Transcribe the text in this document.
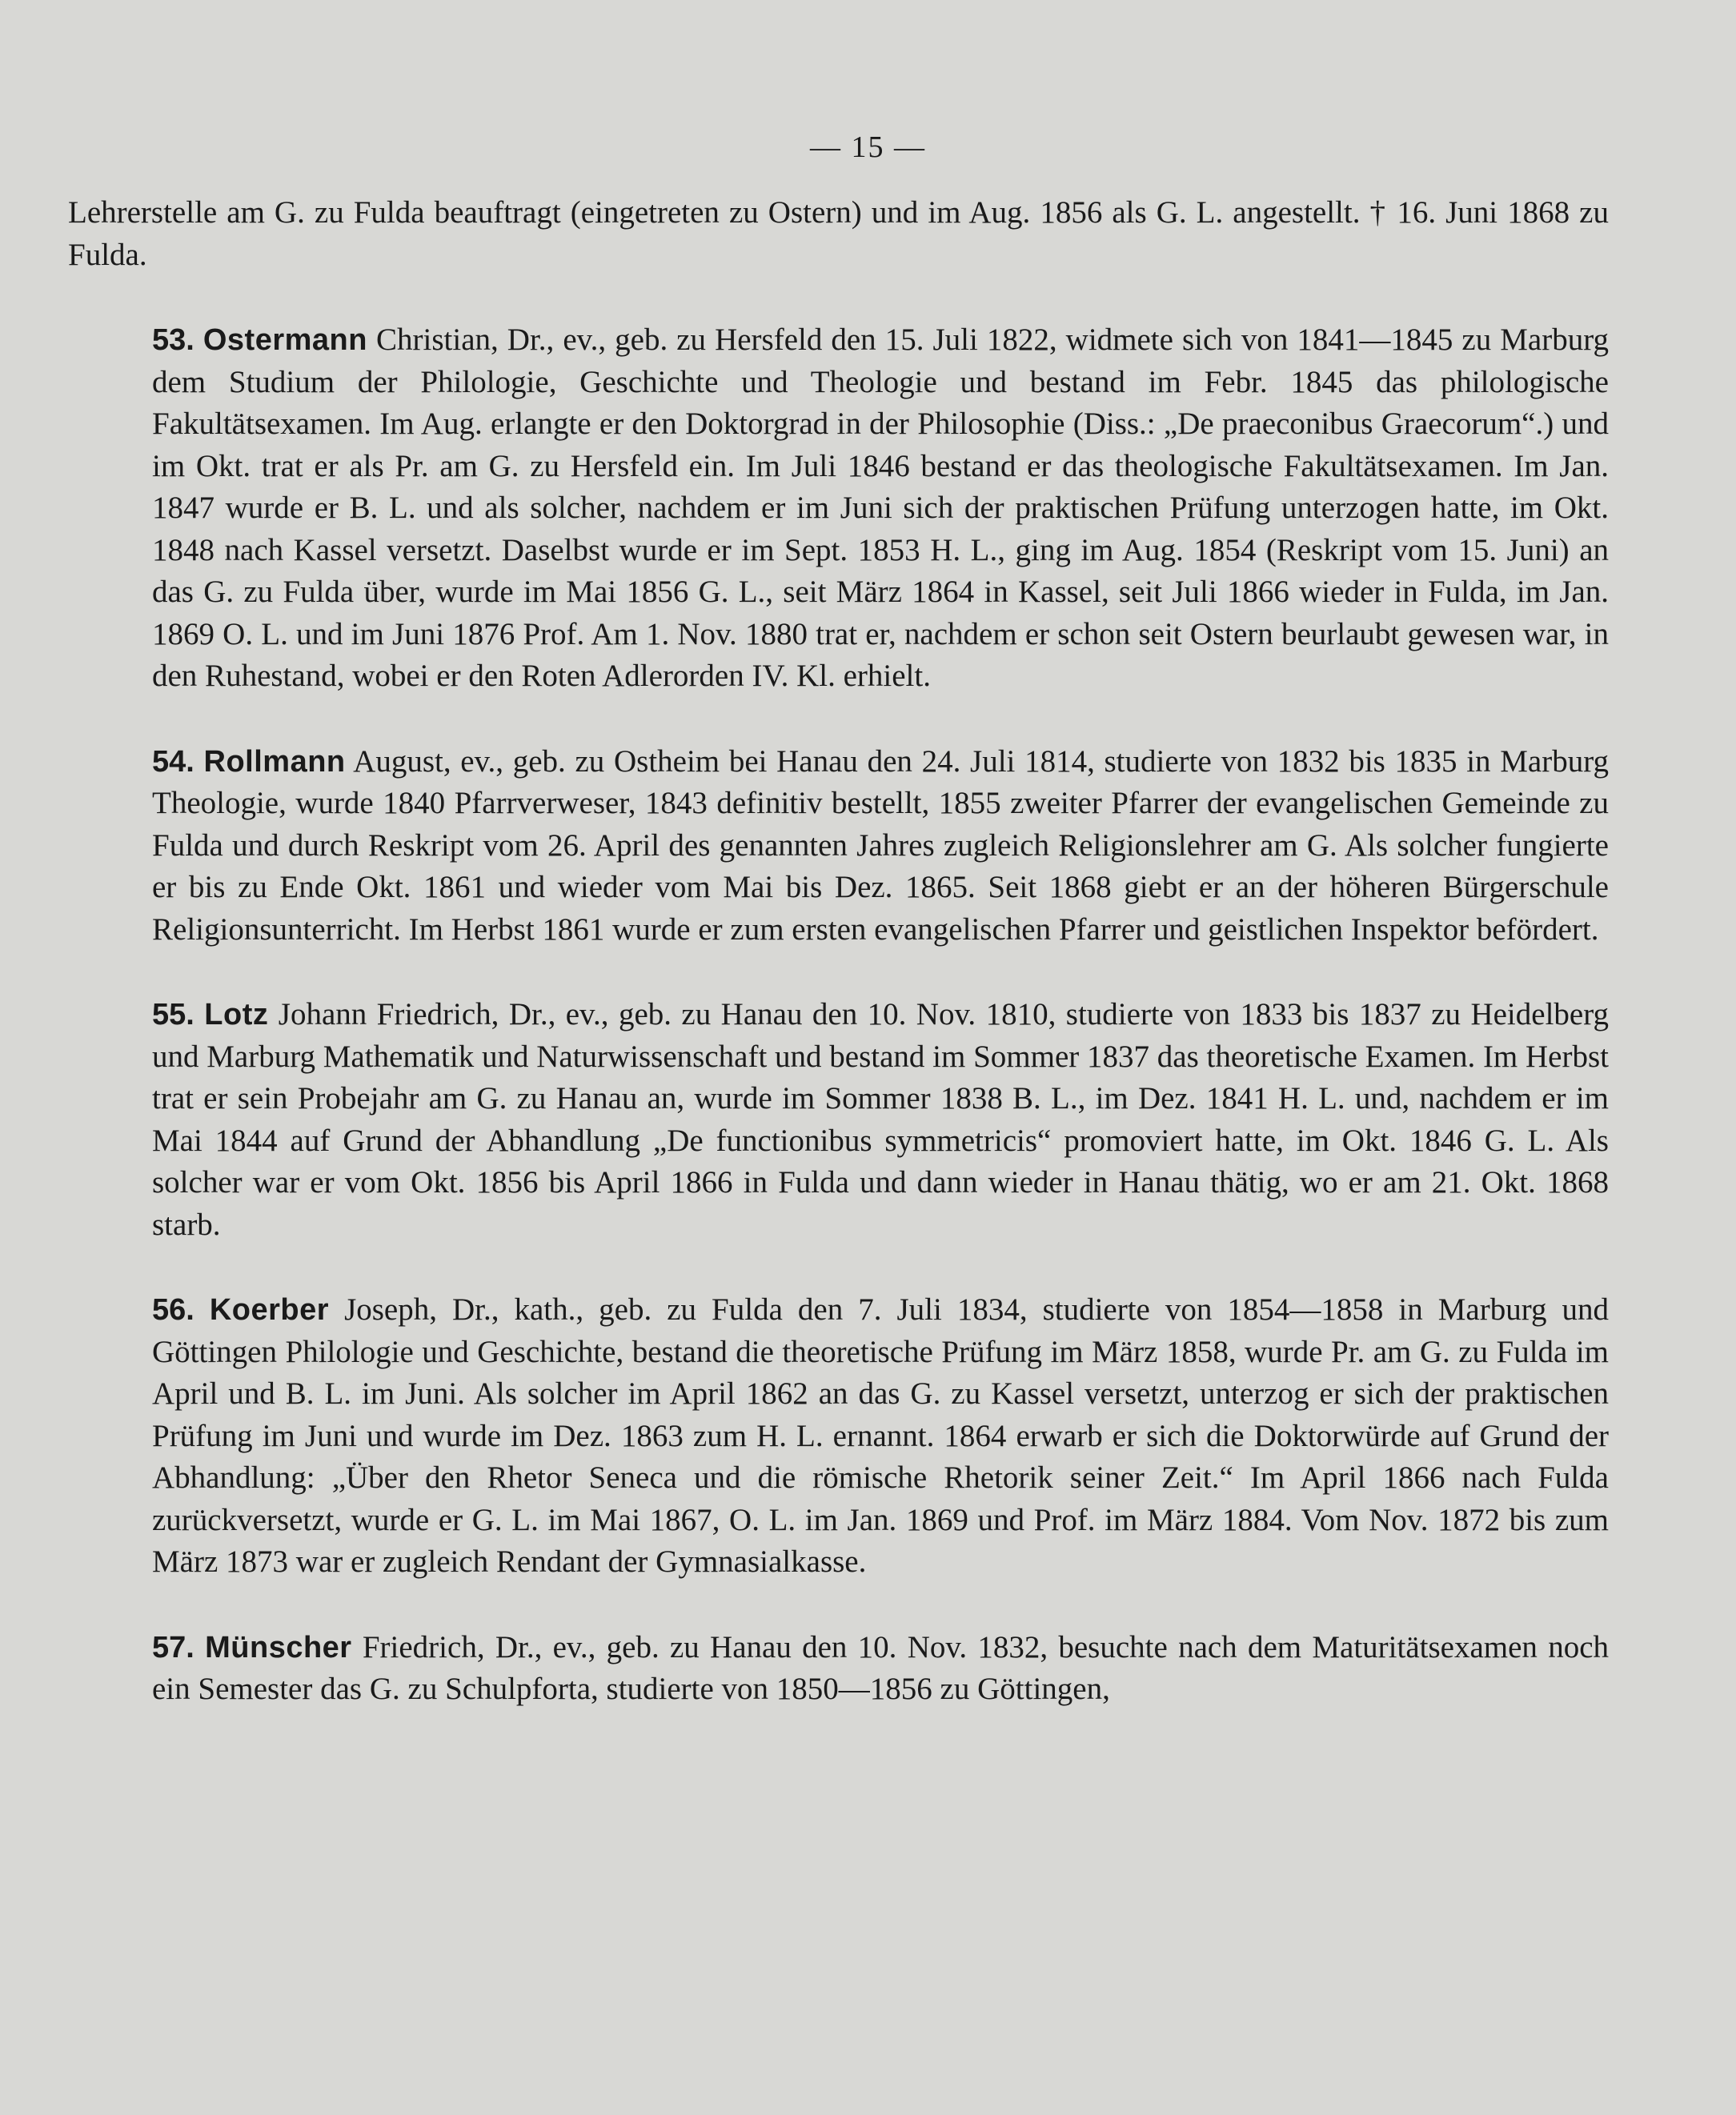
— 15 —

Lehrerstelle am G. zu Fulda beauftragt (eingetreten zu Ostern) und im Aug. 1856 als G. L. angestellt. † 16. Juni 1868 zu Fulda.

53. Ostermann Christian, Dr., ev., geb. zu Hersfeld den 15. Juli 1822, widmete sich von 1841—1845 zu Marburg dem Studium der Philologie, Geschichte und Theologie und bestand im Febr. 1845 das philologische Fakultätsexamen. Im Aug. erlangte er den Doktorgrad in der Philosophie (Diss.: „De praeconibus Graecorum“.) und im Okt. trat er als Pr. am G. zu Hersfeld ein. Im Juli 1846 bestand er das theologische Fakultätsexamen. Im Jan. 1847 wurde er B. L. und als solcher, nachdem er im Juni sich der praktischen Prüfung unterzogen hatte, im Okt. 1848 nach Kassel versetzt. Daselbst wurde er im Sept. 1853 H. L., ging im Aug. 1854 (Reskript vom 15. Juni) an das G. zu Fulda über, wurde im Mai 1856 G. L., seit März 1864 in Kassel, seit Juli 1866 wieder in Fulda, im Jan. 1869 O. L. und im Juni 1876 Prof. Am 1. Nov. 1880 trat er, nachdem er schon seit Ostern beurlaubt gewesen war, in den Ruhestand, wobei er den Roten Adlerorden IV. Kl. erhielt.

54. Rollmann August, ev., geb. zu Ostheim bei Hanau den 24. Juli 1814, studierte von 1832 bis 1835 in Marburg Theologie, wurde 1840 Pfarrverweser, 1843 definitiv bestellt, 1855 zweiter Pfarrer der evangelischen Gemeinde zu Fulda und durch Reskript vom 26. April des genannten Jahres zugleich Religionslehrer am G. Als solcher fungierte er bis zu Ende Okt. 1861 und wieder vom Mai bis Dez. 1865. Seit 1868 giebt er an der höheren Bürgerschule Religionsunterricht. Im Herbst 1861 wurde er zum ersten evangelischen Pfarrer und geistlichen Inspektor befördert.

55. Lotz Johann Friedrich, Dr., ev., geb. zu Hanau den 10. Nov. 1810, studierte von 1833 bis 1837 zu Heidelberg und Marburg Mathematik und Naturwissenschaft und bestand im Sommer 1837 das theoretische Examen. Im Herbst trat er sein Probejahr am G. zu Hanau an, wurde im Sommer 1838 B. L., im Dez. 1841 H. L. und, nachdem er im Mai 1844 auf Grund der Abhandlung „De functionibus symmetricis“ promoviert hatte, im Okt. 1846 G. L. Als solcher war er vom Okt. 1856 bis April 1866 in Fulda und dann wieder in Hanau thätig, wo er am 21. Okt. 1868 starb.

56. Koerber Joseph, Dr., kath., geb. zu Fulda den 7. Juli 1834, studierte von 1854—1858 in Marburg und Göttingen Philologie und Geschichte, bestand die theoretische Prüfung im März 1858, wurde Pr. am G. zu Fulda im April und B. L. im Juni. Als solcher im April 1862 an das G. zu Kassel versetzt, unterzog er sich der praktischen Prüfung im Juni und wurde im Dez. 1863 zum H. L. ernannt. 1864 erwarb er sich die Doktorwürde auf Grund der Abhandlung: „Über den Rhetor Seneca und die römische Rhetorik seiner Zeit.“ Im April 1866 nach Fulda zurückversetzt, wurde er G. L. im Mai 1867, O. L. im Jan. 1869 und Prof. im März 1884. Vom Nov. 1872 bis zum März 1873 war er zugleich Rendant der Gymnasialkasse.

57. Münscher Friedrich, Dr., ev., geb. zu Hanau den 10. Nov. 1832, besuchte nach dem Maturitätsexamen noch ein Semester das G. zu Schulpforta, studierte von 1850—1856 zu Göttingen,
